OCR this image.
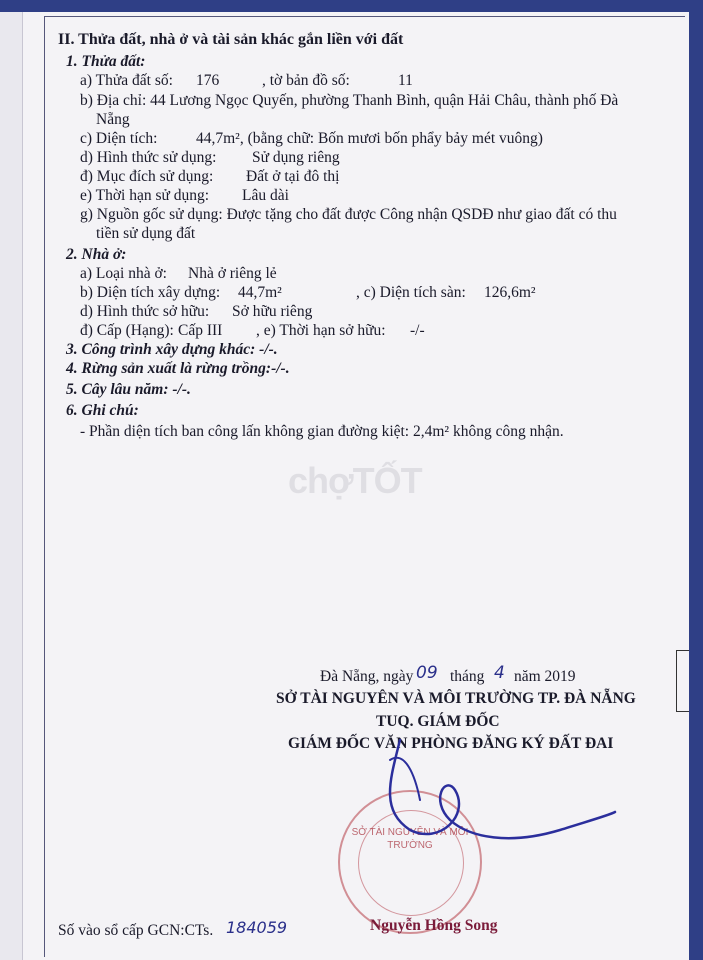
II. Thửa đất, nhà ở và tài sản khác gắn liền với đất
1. Thửa đất:
a) Thửa đất số: 176	, tờ bản đồ số:	11
b) Địa chỉ: 44 Lương Ngọc Quyến, phường Thanh Bình, quận Hải Châu, thành phố Đà
Nẵng
c) Diện tích: 44,7m², (bằng chữ: Bốn mươi bốn phẩy bảy mét vuông)
d) Hình thức sử dụng: Sử dụng riêng
đ) Mục đích sử dụng: Đất ở tại đô thị
e) Thời hạn sử dụng: Lâu dài
g) Nguồn gốc sử dụng: Được tặng cho đất được Công nhận QSDĐ như giao đất có thu
tiền sử dụng đất
2. Nhà ở:
a) Loại nhà ở: Nhà ở riêng lẻ
b) Diện tích xây dựng: 44,7m²	, c) Diện tích sàn: 126,6m²
d) Hình thức sở hữu: Sở hữu riêng
đ) Cấp (Hạng): Cấp III , e) Thời hạn sở hữu: -/-
3. Công trình xây dựng khác: -/-.
4. Rừng sản xuất là rừng trồng:-/-.
5. Cây lâu năm: -/-.
6. Ghi chú:
- Phần diện tích ban công lấn không gian đường kiệt: 2,4m² không công nhận.
chợTỐT
Đà Nẵng, ngày 09 tháng 4 năm 2019
SỞ TÀI NGUYÊN VÀ MÔI TRƯỜNG TP. ĐÀ NẴNG
TUQ. GIÁM ĐỐC
GIÁM ĐỐC VĂN PHÒNG ĐĂNG KÝ ĐẤT ĐAI
SỞ TÀI NGUYÊN VÀ MÔI TRƯỜNG
Nguyễn Hồng Song
Số vào sổ cấp GCN:CTs. 184059
